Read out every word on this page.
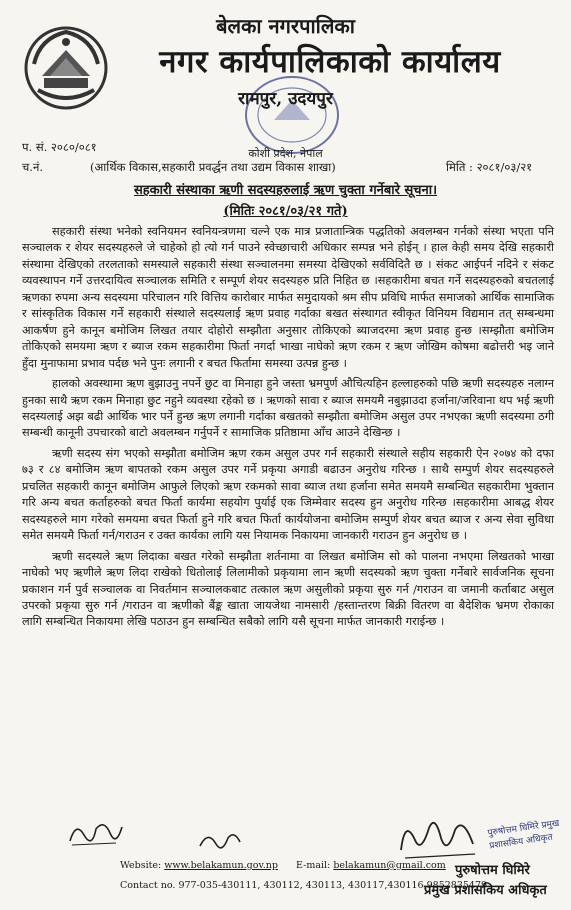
बेलका नगरपालिका
नगर कार्यपालिकाको कार्यालय
रामपुर, उदयपुर
कोशी प्रदेश, नेपाल
प. सं. २०८०/०८१
च.नं.	(आर्थिक विकास,सहकारी प्रवर्द्धन तथा उद्यम विकास शाखा)	मिति : २०८१/०३/२१
सहकारी संस्थाका ऋणी सदस्यहरुलाई ऋण चुक्ता गर्नेबारे सूचना।
(मितिः २०८१/०३/२१ गते)

सहकारी संस्था भनेको स्वनियमन स्वनियन्त्रणमा चल्ने एक मात्र प्रजातान्त्रिक पद्धतिको अवलम्बन गर्नको संस्था भएता पनि सञ्चालक र शेयर सदस्यहरुले जे चाहेको हो त्यो गर्न पाउने स्वेच्छाचारी अधिकार सम्पन्न भने होईन् । हाल केही समय देखि सहकारी संस्थामा देखिएको तरलताको समस्याले सहकारी संस्था सञ्चालनमा समस्या देखिएको सर्वविदितै छ । संकट आईपर्न नदिने र संकट व्यवस्थापन गर्ने उत्तरदायित्व सञ्चालक समिति र सम्पूर्ण शेयर सदस्यहरु प्रति निहित छ ।सहकारीमा बचत गर्ने सदस्यहरुको बचतलाई ऋणका रुपमा अन्य सदस्यमा परिचालन गरि वित्तिय कारोबार मार्फत समुदायको श्रम सीप प्रविधि मार्फत समाजको आर्थिक सामाजिक र सांस्कृतिक विकास गर्ने सहकारी संस्थाले सदस्यलाई ऋण प्रवाह गर्दाका बखत संस्थागत स्वीकृत विनियम विद्यमान तत् सम्बन्धमा आकर्षण हुने कानून बमोजिम लिखत तयार दोहोरो सम्झौता अनुसार तोकिएको ब्याजदरमा ऋण प्रवाह हुन्छ ।सम्झौता बमोजिम तोकिएको समयमा ऋण र ब्याज रकम सहकारीमा फिर्ता नगर्दा भाखा नाघेको ऋण रकम र ऋण जोखिम कोषमा बढोत्तरी भइ जाने हुँदा मुनाफामा प्रभाव पर्दछ भने पुनः लगानी र बचत फिर्तामा समस्या उत्पन्न हुन्छ ।

हालको अवस्थामा ऋण बुझाउनु नपर्ने छुट वा मिनाहा हुने जस्ता भ्रमपुर्ण औचित्यहिन हल्लाहरुको पछि ऋणी सदस्यहरु नलाग्न हुनका साथै ऋण रकम मिनाहा छुट नहुने व्यवस्था रहेको छ । ऋणको सावा र ब्याज समयमै नबुझाउदा हर्जाना/जरिवाना थप भई ऋणी सदस्यलाई अझ बढी आर्थिक भार पर्ने हुन्छ ऋण लगानी गर्दाका बखतको सम्झौता बमोजिम असुल उपर नभएका ऋणी सदस्यमा ठगी सम्बन्धी कानूनी उपचारको बाटो अवलम्बन गर्नुपर्ने र सामाजिक प्रतिष्ठामा आँच आउने देखिन्छ ।

ऋणी सदस्य संग भएको सम्झौता बमोजिम ऋण रकम असुल उपर गर्न सहकारी संस्थाले सहीय सहकारी ऐन २०७४ को दफा ७३ र ८४ बमोजिम ऋण बापतको रकम असुल उपर गर्ने प्रकृया अगाडी बढाउन अनुरोध गरिन्छ । साथै सम्पुर्ण शेयर सदस्यहरुले प्रचलित सहकारी कानून बमोजिम आफुले लिएको ऋण रकमको सावा ब्याज तथा हर्जाना समेत समयमै सम्बन्धित सहकारीमा भुक्तान गरि अन्य बचत कर्ताहरुको बचत फिर्ता कार्यमा सहयोग पुर्याई एक जिम्मेवार सदस्य हुन अनुरोध गरिन्छ ।सहकारीमा आबद्ध शेयर सदस्यहरुले माग गरेको समयमा बचत फिर्ता हुने गरि बचत फिर्ता कार्ययोजना बमोजिम सम्पुर्ण शेयर बचत ब्याज र अन्य सेवा सुविधा समेत समयमै फिर्ता गर्न/गराउन र उक्त कार्यका लागि यस नियामक निकायमा जानकारी गराउन हुन अनुरोध छ ।

ऋणी सदस्यले ऋण लिदाका बखत गरेको सम्झौता शर्तनामा वा लिखत बमोजिम सो को पालना नभएमा लिखतको भाखा नाघेको भए ऋणीले ऋण लिदा राखेको धितोलाई लिलामीको प्रकृयामा लान ऋणी सदस्यको ऋण चुक्ता गर्नेबारे सार्वजनिक सूचना प्रकाशन गर्न पुर्व सञ्चालक वा निवर्तमान सञ्चालकबाट तत्काल ऋण असुलीको प्रकृया सुरु गर्न /गराउन वा जमानी कर्ताबाट असुल उपरको प्रकृया सुरु गर्न /गराउन वा ऋणीको बैंङ्क खाता जायजेथा नामसारी /हस्तान्तरण बिक्री वितरण वा बैदेशिक भ्रमण रोकाका लागि सम्बन्धित निकायमा लेखि पठाउन हुन सम्बन्धित सबैको लागि यसै सूचना मार्फत जानकारी गराईन्छ ।

पुरुषोत्तम घिमिरे प्रमुख प्रशासकिय अधिकृत
पुरुषोत्तम घिमिरे
प्रमुख प्रशासकिय अधिकृत
Website: www.belakamun.gov.np E-mail: belakamun@gmail.com
Contact no. 977-035-430111, 430112, 430113, 430117,430116,9852835479
